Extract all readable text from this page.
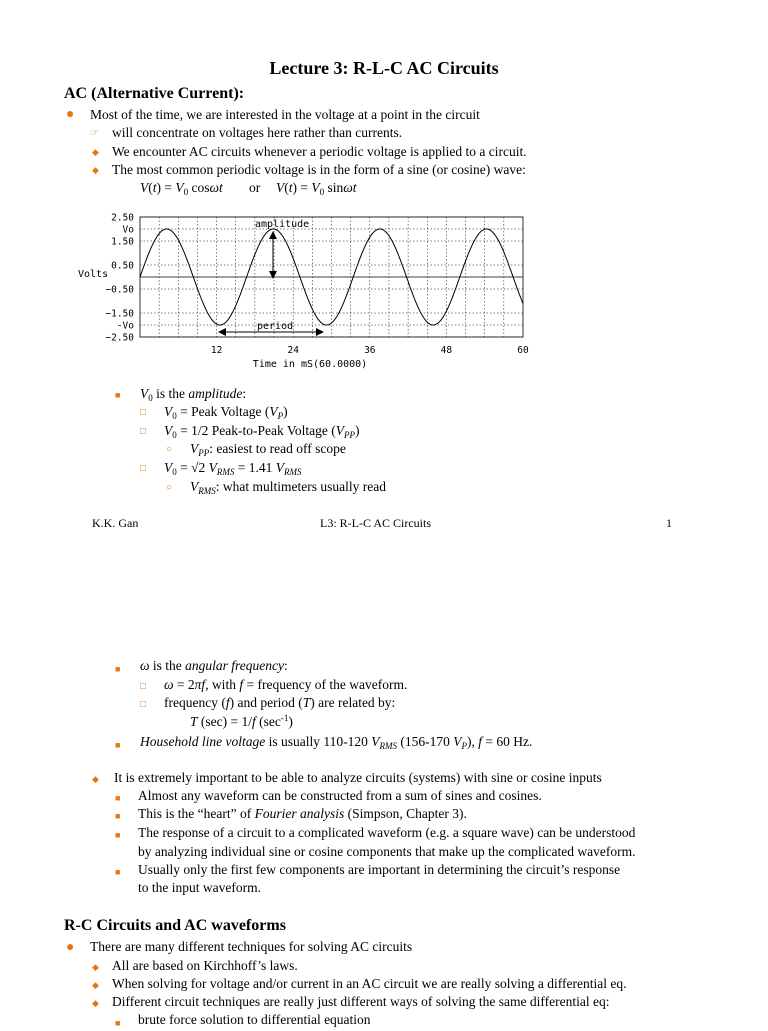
Lecture 3: R-L-C AC Circuits
AC (Alternative Current):
● Most of the time, we are interested in the voltage at a point in the circuit
☞ will concentrate on voltages here rather than currents.
◆ We encounter AC circuits whenever a periodic voltage is applied to a circuit.
◆ The most common periodic voltage is in the form of a sine (or cosine) wave:
$V(t) = V_0$ cosωt or $V(t) = V_0$ sinωt
2.50
Vo
1.50
0.50
−0.50
−1.50
-Vo
−2.50
12	24	36	48	60
Volts
Time in mS(60.0000)
amplitude
period
■ $V_0$ is the amplitude:
□ $V_0$ = Peak Voltage $(V_P)$
□ $V_0 = 1/2$ Peak-to-Peak Voltage $(V_{PP})$
○ $V_{PP}$: easiest to read off scope
□ $V_0 = √2$ $V_{RMS} = 1.41$ $V_{RMS}$
○ $V_{RMS}$: what multimeters usually read
K.K. Gan	L3: R-L-C AC Circuits	1
■ ω is the angular frequency:
□ ω = 2πf, with f = frequency of the waveform.
□ frequency (f) and period (T) are related by:
T (sec) = 1/f $(\sec^{-1})$
■ Household line voltage is usually 110-120 $V_{RMS}$ (156-170 $V_P$), f = 60 Hz.
◆ It is extremely important to be able to analyze circuits (systems) with sine or cosine inputs
■ Almost any waveform can be constructed from a sum of sines and cosines.
■ This is the “heart” of Fourier analysis (Simpson, Chapter 3).
■ The response of a circuit to a complicated waveform (e.g. a square wave) can be understood
by analyzing individual sine or cosine components that make up the complicated waveform.
■ Usually only the first few components are important in determining the circuit’s response
to the input waveform.
R-C Circuits and AC waveforms
● There are many different techniques for solving AC circuits
◆ All are based on Kirchhoff’s laws.
◆ When solving for voltage and/or current in an AC circuit we are really solving a differential eq.
◆ Different circuit techniques are really just different ways of solving the same differential eq:
■ brute force solution to differential equation
